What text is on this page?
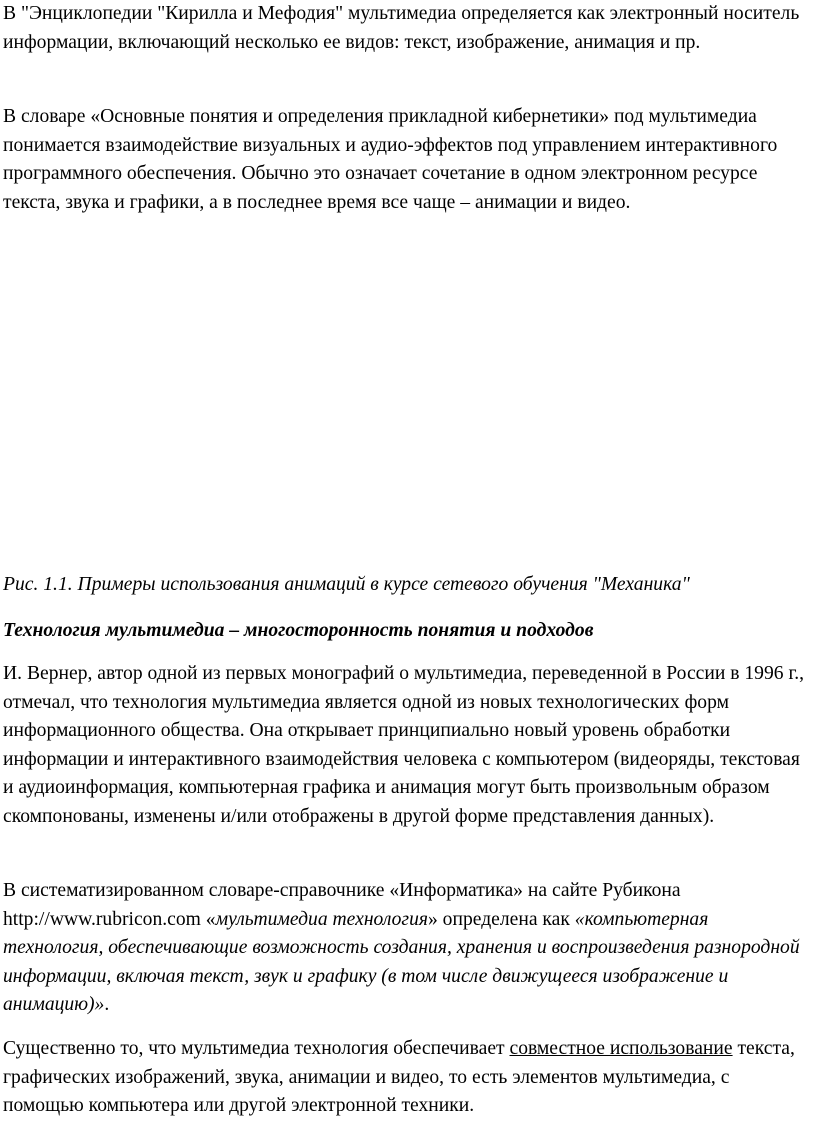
В "Энциклопедии "Кирилла и Мефодия" мультимедиа определяется как электронный носитель информации, включающий несколько ее видов: текст, изображение, анимация и пр.

В словаре «Основные понятия и определения прикладной кибернетики» под мультимедиа понимается взаимодействие визуальных и аудио-эффектов под управлением интерактивного программного обеспечения. Обычно это означает сочетание в одном электронном ресурсе текста, звука и графики, а в последнее время все чаще – анимации и видео.

Рис. 1.1. Примеры использования анимаций в курсе сетевого обучения "Механика"

Технология мультимедиа – многосторонность понятия и подходов

И. Вернер, автор одной из первых монографий о мультимедиа, переведенной в России в 1996 г., отмечал, что технология мультимедиа является одной из новых технологических форм информационного общества. Она открывает принципиально новый уровень обработки информации и интерактивного взаимодействия человека с компьютером (видеоряды, текстовая и аудиоинформация, компьютерная графика и анимация могут быть произвольным образом скомпонованы, изменены и/или отображены в другой форме представления данных).

В систематизированном словаре-справочнике «Информатика» на сайте Рубикона http://www.rubricon.com «мультимедиа технология» определена как «компьютерная технология, обеспечивающие возможность создания, хранения и воспроизведения разнородной информации, включая текст, звук и графику (в том числе движущееся изображение и анимацию)».

Существенно то, что мультимедиа технология обеспечивает совместное использование текста, графических изображений, звука, анимации и видео, то есть элементов мультимедиа, с помощью компьютера или другой электронной техники.
